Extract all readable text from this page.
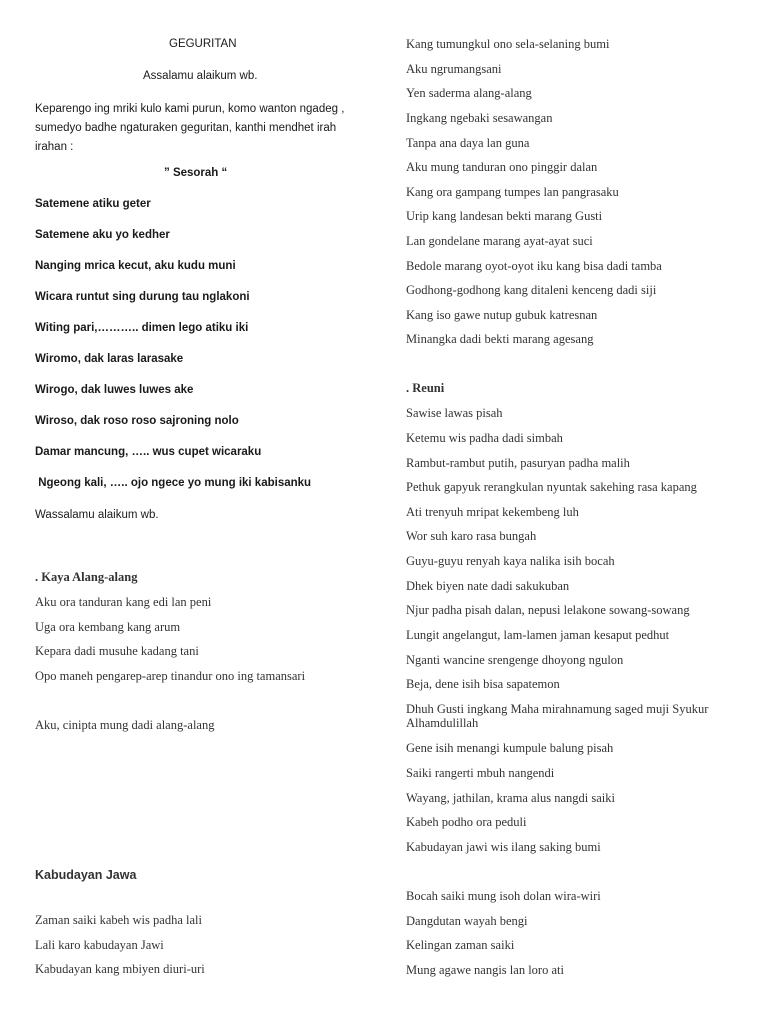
GEGURITAN
Assalamu alaikum wb.
Keparengo ing mriki kulo kami purun, komo wanton ngadeg , sumedyo badhe ngaturaken geguritan, kanthi mendhet irah irahan :
” Sesorah “
Satemene atiku geter
Satemene aku yo kedher
Nanging mrica kecut, aku kudu muni
Wicara runtut sing durung tau nglakoni
Witing pari,……….. dimen lego atiku iki
Wiromo, dak laras larasake
Wirogo, dak luwes luwes ake
Wiroso, dak roso roso sajroning nolo
Damar mancung, ….. wus cupet wicaraku
Ngeong kali, ….. ojo ngece yo mung iki kabisanku
Wassalamu alaikum wb.
. Kaya Alang-alang
Aku ora tanduran kang edi lan peni
Uga ora kembang kang arum
Kepara dadi musuhe kadang tani
Opo maneh pengarep-arep tinandur ono ing tamansari
Aku, cinipta mung dadi alang-alang
Kabudayan Jawa
Zaman saiki kabeh wis padha lali
Lali karo kabudayan Jawi
Kabudayan kang mbiyen diuri-uri
Kang tumungkul ono sela-selaning bumi
Aku ngrumangsani
Yen saderma alang-alang
Ingkang ngebaki sesawangan
Tanpa ana daya lan guna
Aku mung tanduran ono pinggir dalan
Kang ora gampang tumpes lan pangrasaku
Urip kang landesan bekti marang Gusti
Lan gondelane marang ayat-ayat suci
Bedole marang oyot-oyot iku kang bisa dadi tamba
Godhong-godhong kang ditaleni kenceng dadi siji
Kang iso gawe nutup gubuk katresnan
Minangka dadi bekti marang agesang
. Reuni
Sawise lawas pisah
Ketemu wis padha dadi simbah
Rambut-rambut putih, pasuryan padha malih
Pethuk gapyuk rerangkulan nyuntak sakehing rasa kapang
Ati trenyuh mripat kekembeng luh
Wor suh karo rasa bungah
Guyu-guyu renyah kaya nalika isih bocah
Dhek biyen nate dadi sakukuban
Njur padha pisah dalan, nepusi lelakone sowang-sowang
Lungit angelangut, lam-lamen jaman kesaput pedhut
Nganti wancine srengenge dhoyong ngulon
Beja, dene isih bisa sapatemon
Dhuh Gusti ingkang Maha mirahnamung saged muji Syukur Alhamdulillah
Gene isih menangi kumpule balung pisah
Saiki rangerti mbuh nangendi
Wayang, jathilan, krama alus nangdi saiki
Kabeh podho ora peduli
Kabudayan jawi wis ilang saking bumi
Bocah saiki mung isoh dolan wira-wiri
Dangdutan wayah bengi
Kelingan zaman saiki
Mung agawe nangis lan loro ati
